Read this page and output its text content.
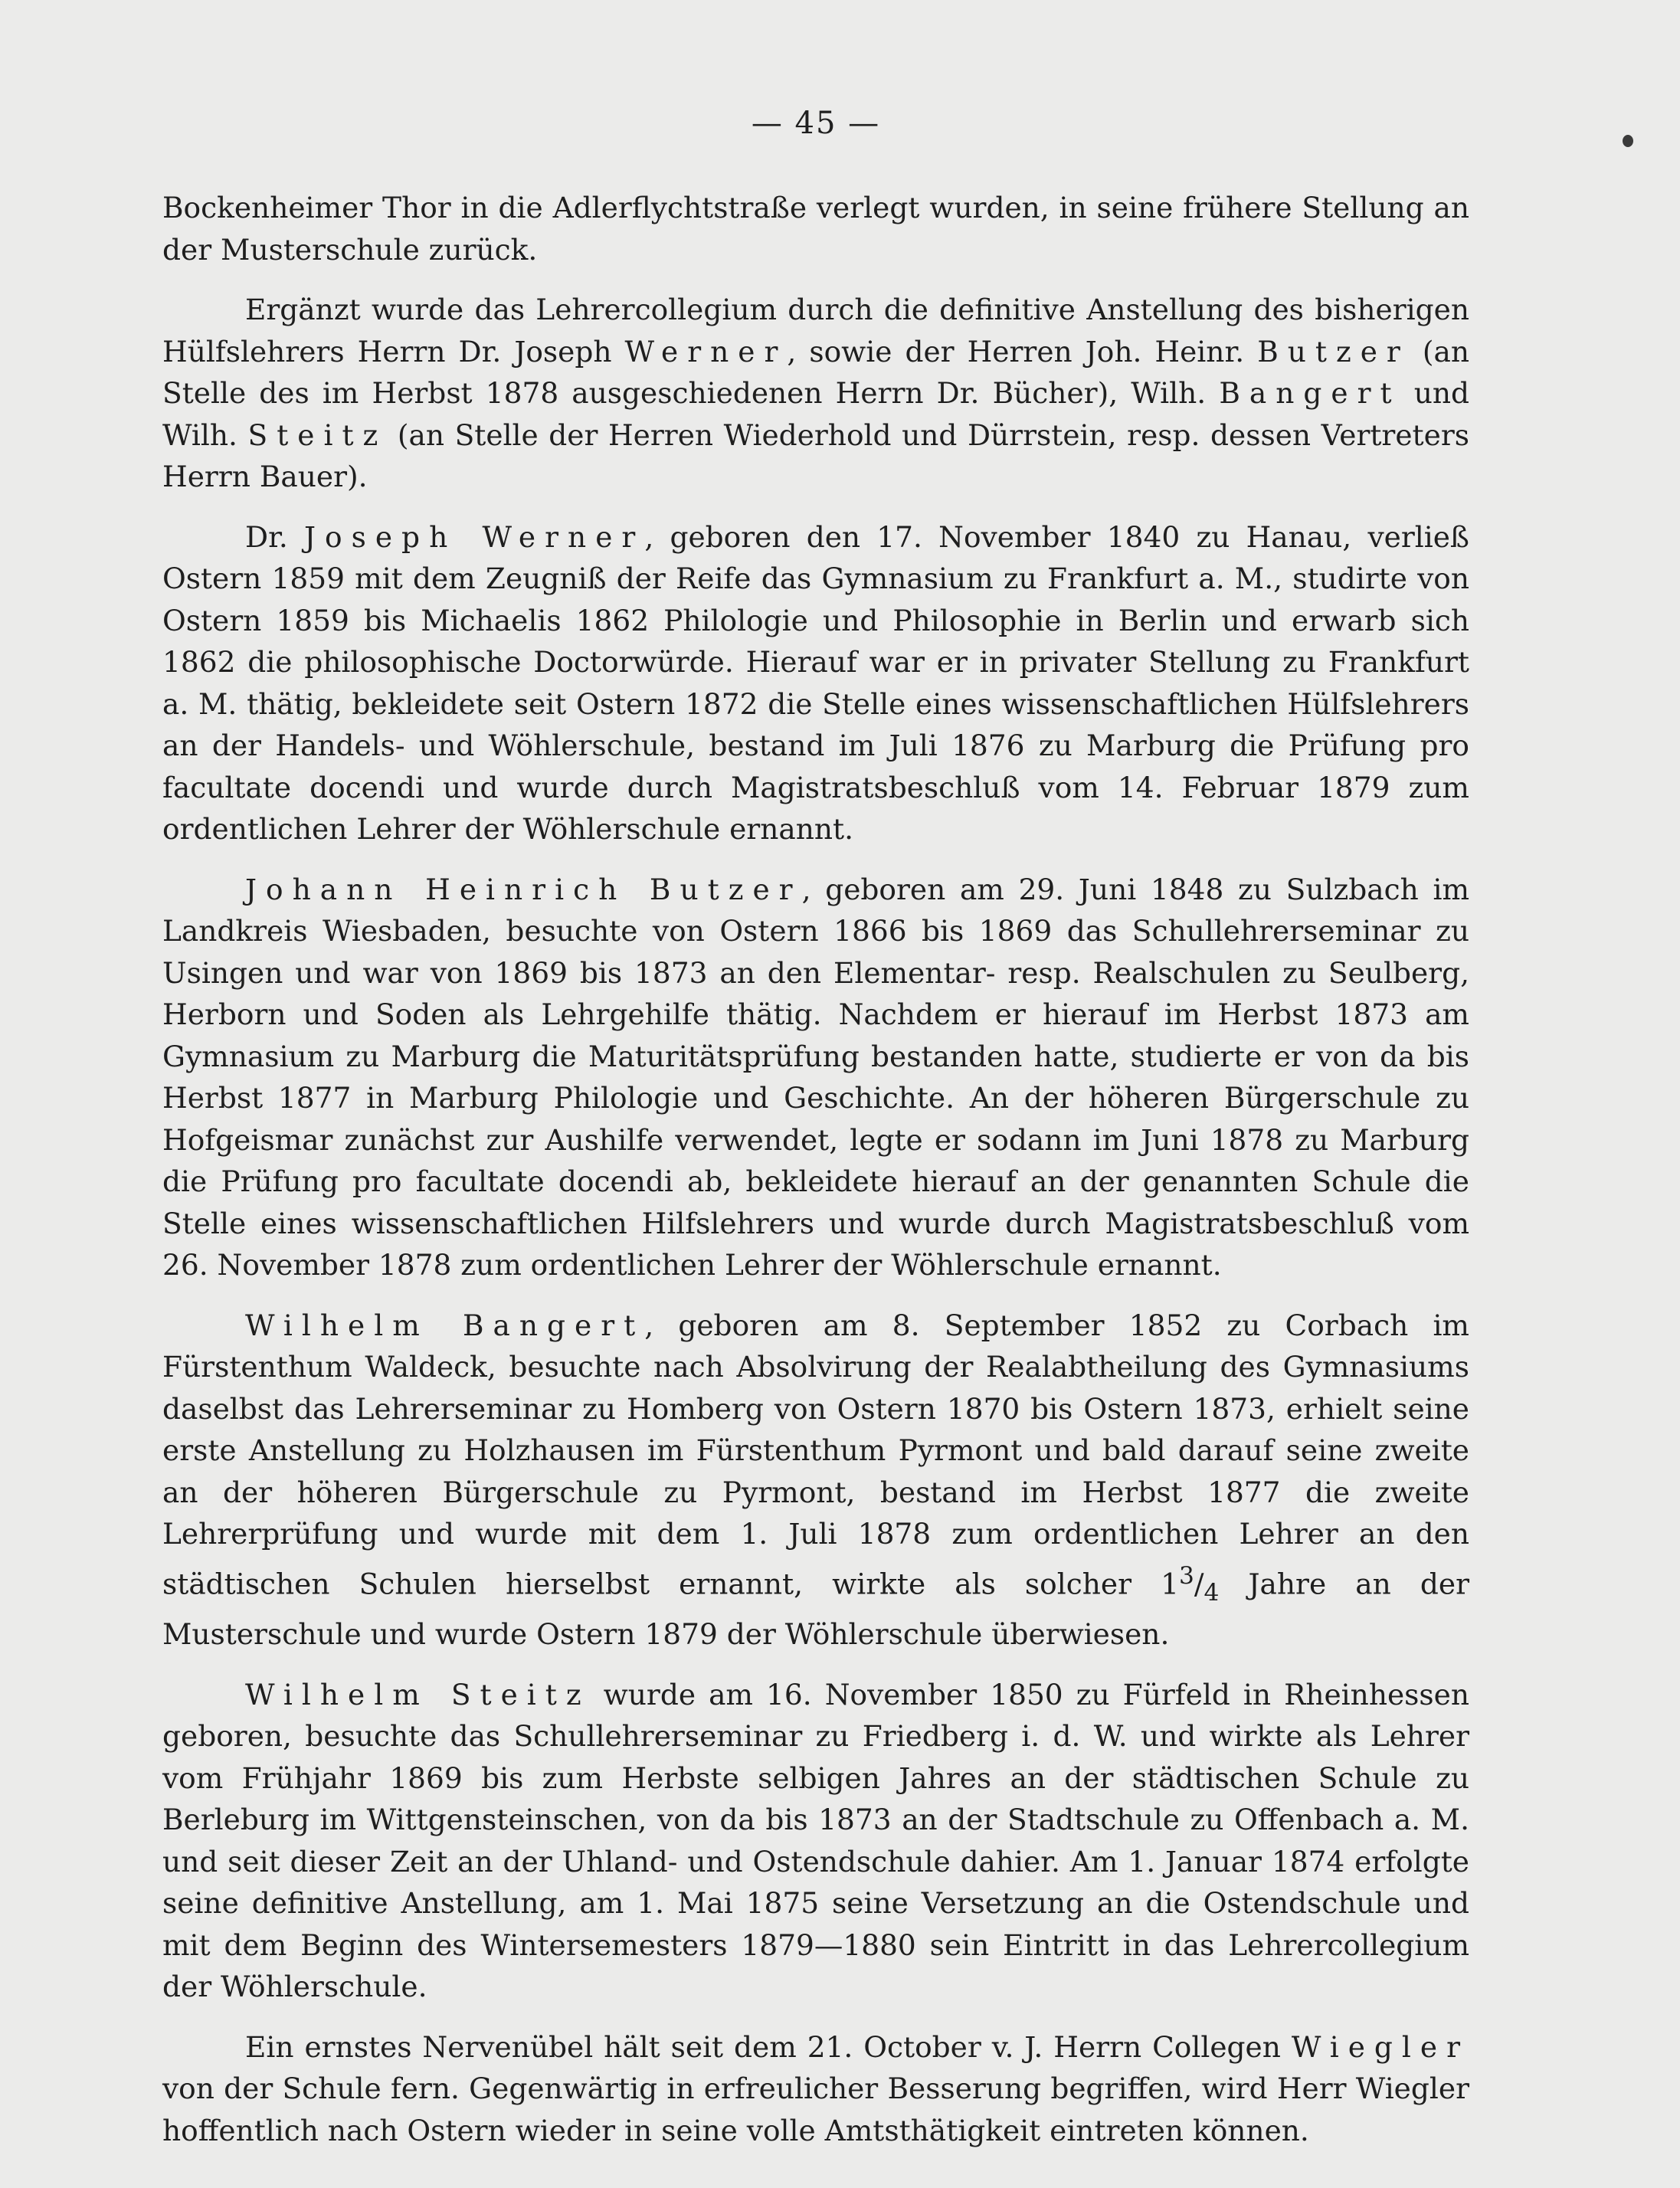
— 45 —

Bockenheimer Thor in die Adlerflychtstraße verlegt wurden, in seine frühere Stellung an der Musterschule zurück.

Ergänzt wurde das Lehrercollegium durch die definitive Anstellung des bisherigen Hülfslehrers Herrn Dr. Joseph Werner, sowie der Herren Joh. Heinr. Butzer (an Stelle des im Herbst 1878 ausgeschiedenen Herrn Dr. Bücher), Wilh. Bangert und Wilh. Steitz (an Stelle der Herren Wiederhold und Dürrstein, resp. dessen Vertreters Herrn Bauer).

Dr. Joseph Werner, geboren den 17. November 1840 zu Hanau, verließ Ostern 1859 mit dem Zeugniß der Reife das Gymnasium zu Frankfurt a. M., studirte von Ostern 1859 bis Michaelis 1862 Philologie und Philosophie in Berlin und erwarb sich 1862 die philosophische Doctorwürde. Hierauf war er in privater Stellung zu Frankfurt a. M. thätig, bekleidete seit Ostern 1872 die Stelle eines wissenschaftlichen Hülfslehrers an der Handels- und Wöhlerschule, bestand im Juli 1876 zu Marburg die Prüfung pro facultate docendi und wurde durch Magistratsbeschluß vom 14. Februar 1879 zum ordentlichen Lehrer der Wöhlerschule ernannt.

Johann Heinrich Butzer, geboren am 29. Juni 1848 zu Sulzbach im Landkreis Wiesbaden, besuchte von Ostern 1866 bis 1869 das Schullehrerseminar zu Usingen und war von 1869 bis 1873 an den Elementar- resp. Realschulen zu Seulberg, Herborn und Soden als Lehrgehilfe thätig. Nachdem er hierauf im Herbst 1873 am Gymnasium zu Marburg die Maturitätsprüfung bestanden hatte, studierte er von da bis Herbst 1877 in Marburg Philologie und Geschichte. An der höheren Bürgerschule zu Hofgeismar zunächst zur Aushilfe verwendet, legte er sodann im Juni 1878 zu Marburg die Prüfung pro facultate docendi ab, bekleidete hierauf an der genannten Schule die Stelle eines wissenschaftlichen Hilfslehrers und wurde durch Magistratsbeschluß vom 26. November 1878 zum ordentlichen Lehrer der Wöhlerschule ernannt.

Wilhelm Bangert, geboren am 8. September 1852 zu Corbach im Fürstenthum Waldeck, besuchte nach Absolvirung der Realabtheilung des Gymnasiums daselbst das Lehrerseminar zu Homberg von Ostern 1870 bis Ostern 1873, erhielt seine erste Anstellung zu Holzhausen im Fürstenthum Pyrmont und bald darauf seine zweite an der höheren Bürgerschule zu Pyrmont, bestand im Herbst 1877 die zweite Lehrerprüfung und wurde mit dem 1. Juli 1878 zum ordentlichen Lehrer an den städtischen Schulen hierselbst ernannt, wirkte als solcher $1^3/_4$ Jahre an der Musterschule und wurde Ostern 1879 der Wöhlerschule überwiesen.

Wilhelm Steitz wurde am 16. November 1850 zu Fürfeld in Rheinhessen geboren, besuchte das Schullehrerseminar zu Friedberg i. d. W. und wirkte als Lehrer vom Frühjahr 1869 bis zum Herbste selbigen Jahres an der städtischen Schule zu Berleburg im Wittgensteinschen, von da bis 1873 an der Stadtschule zu Offenbach a. M. und seit dieser Zeit an der Uhland- und Ostendschule dahier. Am 1. Januar 1874 erfolgte seine definitive Anstellung, am 1. Mai 1875 seine Versetzung an die Ostendschule und mit dem Beginn des Wintersemesters 1879—1880 sein Eintritt in das Lehrercollegium der Wöhlerschule.

Ein ernstes Nervenübel hält seit dem 21. October v. J. Herrn Collegen Wiegler von der Schule fern. Gegenwärtig in erfreulicher Besserung begriffen, wird Herr Wiegler hoffentlich nach Ostern wieder in seine volle Amtsthätigkeit eintreten können.
